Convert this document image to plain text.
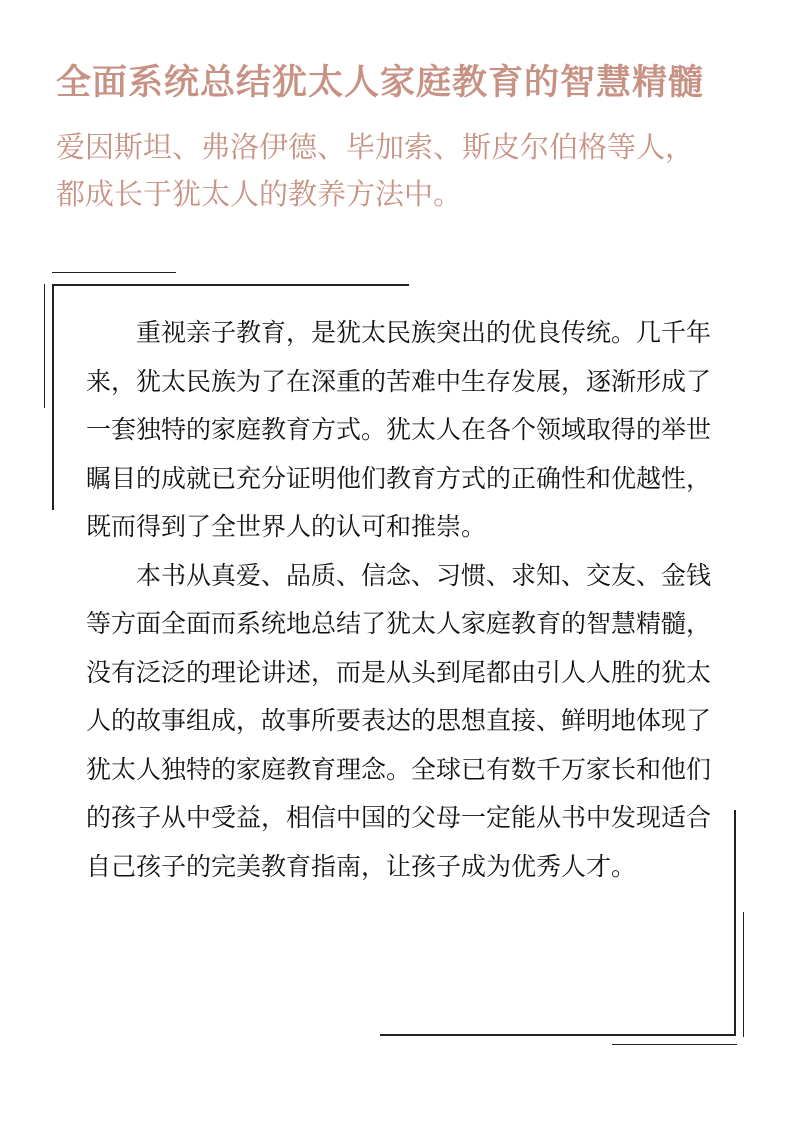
全面系统总结犹太人家庭教育的智慧精髓
爱因斯坦、弗洛伊德、毕加索、斯皮尔伯格等人，
都成长于犹太人的教养方法中。

重视亲子教育，是犹太民族突出的优良传统。几千年来，犹太民族为了在深重的苦难中生存发展，逐渐形成了一套独特的家庭教育方式。犹太人在各个领域取得的举世瞩目的成就已充分证明他们教育方式的正确性和优越性，既而得到了全世界人的认可和推崇。

本书从真爱、品质、信念、习惯、求知、交友、金钱等方面全面而系统地总结了犹太人家庭教育的智慧精髓，没有泛泛的理论讲述，而是从头到尾都由引人人胜的犹太人的故事组成，故事所要表达的思想直接、鲜明地体现了犹太人独特的家庭教育理念。全球已有数千万家长和他们的孩子从中受益，相信中国的父母一定能从书中发现适合自己孩子的完美教育指南，让孩子成为优秀人才。
